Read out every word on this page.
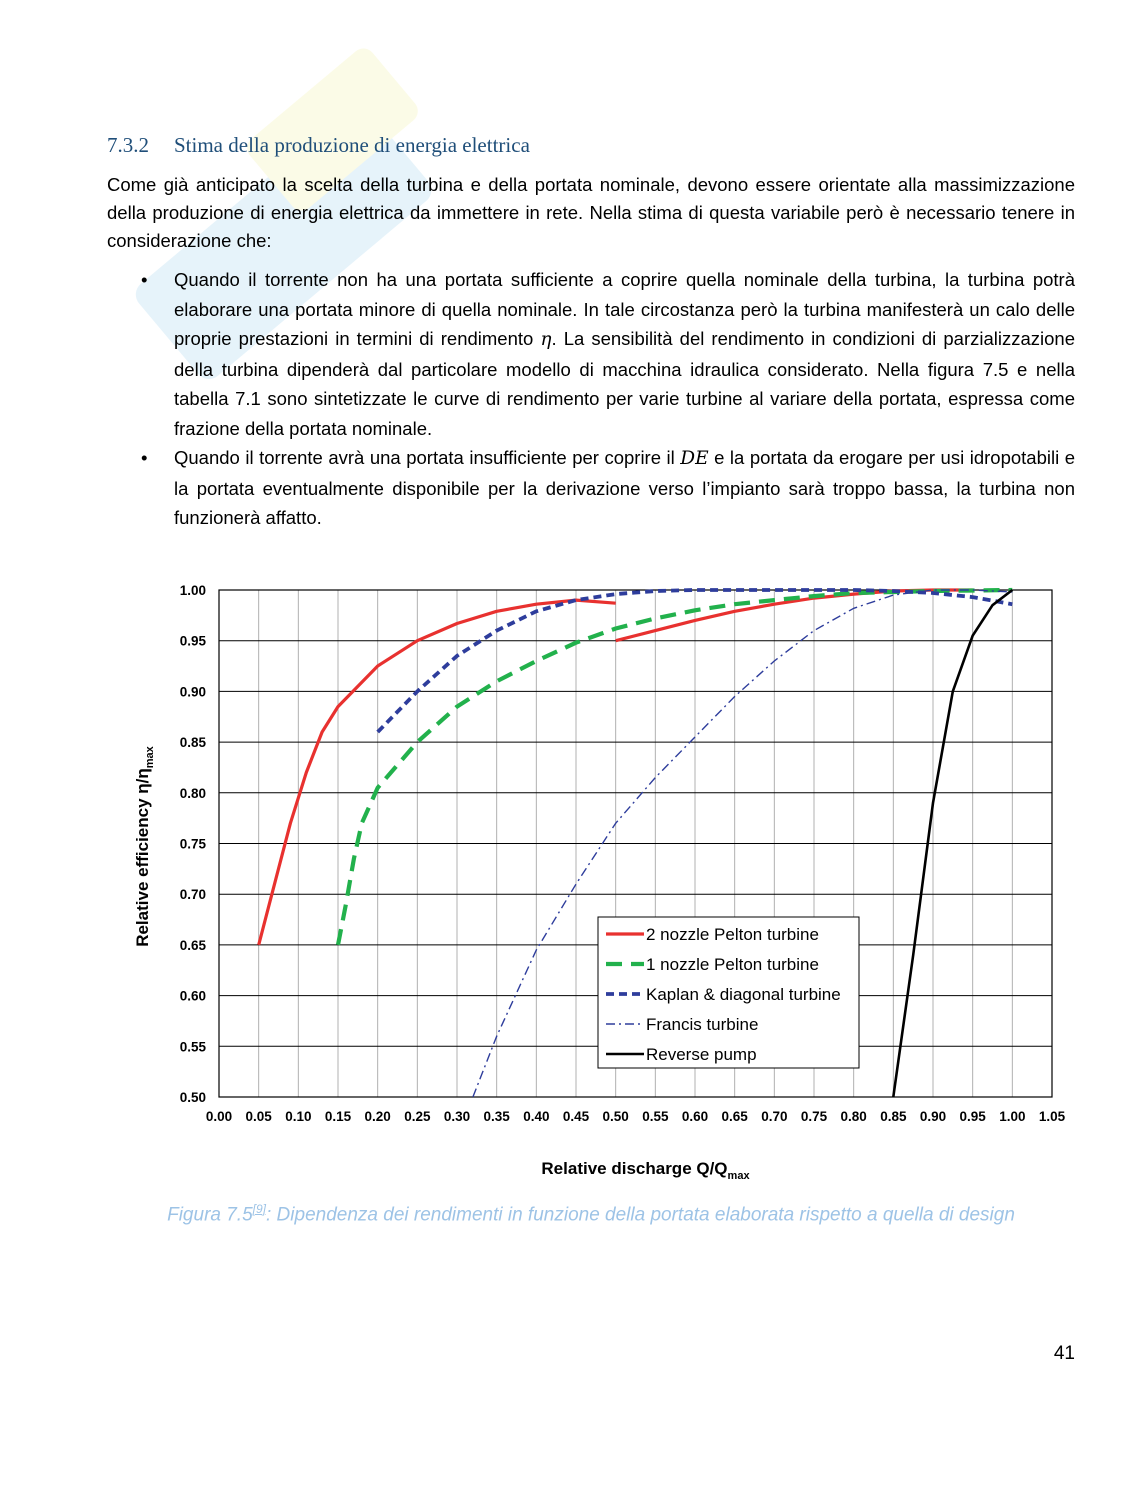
7.3.2 Stima della produzione di energia elettrica
Come già anticipato la scelta della turbina e della portata nominale, devono essere orientate alla massimizzazione della produzione di energia elettrica da immettere in rete. Nella stima di questa variabile però è necessario tenere in considerazione che:
• Quando il torrente non ha una portata sufficiente a coprire quella nominale della turbina, la turbina potrà elaborare una portata minore di quella nominale. In tale circostanza però la turbina manifesterà un calo delle proprie prestazioni in termini di rendimento η. La sensibilità del rendimento in condizioni di parzializzazione della turbina dipenderà dal particolare modello di macchina idraulica considerato. Nella figura 7.5 e nella tabella 7.1 sono sintetizzate le curve di rendimento per varie turbine al variare della portata, espressa come frazione della portata nominale.
• Quando il torrente avrà una portata insufficiente per coprire il DE e la portata da erogare per usi idropotabili e la portata eventualmente disponibile per la derivazione verso l’impianto sarà troppo bassa, la turbina non funzionerà affatto.
0.00 0.05 0.10 0.15 0.20 0.25 0.30 0.35 0.40 0.45 0.50 0.55 0.60 0.65 0.70 0.75 0.80 0.85 0.90 0.95 1.00 1.05
0.50
0.55
0.60
0.65
0.70
0.75
0.80
0.85
0.90
0.95
1.00
Relative discharge $Q/Q_{max}$
Relative efficiency $\eta/\eta_{max}$
2 nozzle Pelton turbine
1 nozzle Pelton turbine
Kaplan & diagonal turbine
Francis turbine
Reverse pump
Figura 7.5[9]: Dipendenza dei rendimenti in funzione della portata elaborata rispetto a quella di design
41
